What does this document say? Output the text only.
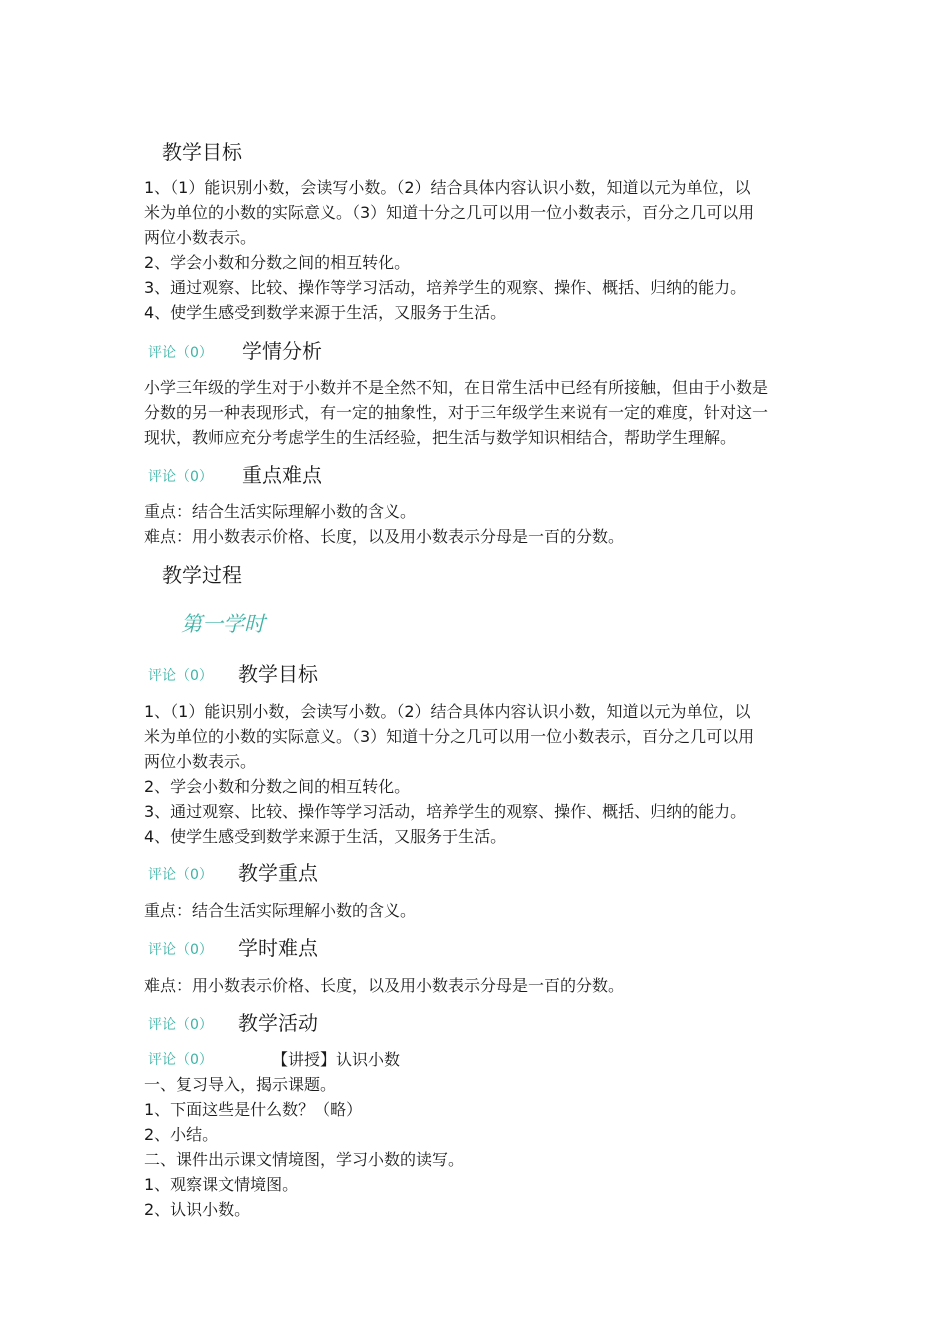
教学目标
1、（1）能识别小数，会读写小数。（2）结合具体内容认识小数，知道以元为单位，以
米为单位的小数的实际意义。（3）知道十分之几可以用一位小数表示，百分之几可以用
两位小数表示。
2、学会小数和分数之间的相互转化。
3、通过观察、比较、操作等学习活动，培养学生的观察、操作、概括、归纳的能力。
4、使学生感受到数学来源于生活，又服务于生活。
评论（0） 学情分析
小学三年级的学生对于小数并不是全然不知，在日常生活中已经有所接触，但由于小数是
分数的另一种表现形式，有一定的抽象性，对于三年级学生来说有一定的难度，针对这一
现状，教师应充分考虑学生的生活经验，把生活与数学知识相结合，帮助学生理解。
评论（0） 重点难点
重点：结合生活实际理解小数的含义。
难点：用小数表示价格、长度，以及用小数表示分母是一百的分数。
教学过程
第一学时
评论（0） 教学目标
1、（1）能识别小数，会读写小数。（2）结合具体内容认识小数，知道以元为单位，以
米为单位的小数的实际意义。（3）知道十分之几可以用一位小数表示，百分之几可以用
两位小数表示。
2、学会小数和分数之间的相互转化。
3、通过观察、比较、操作等学习活动，培养学生的观察、操作、概括、归纳的能力。
4、使学生感受到数学来源于生活，又服务于生活。
评论（0） 教学重点
重点：结合生活实际理解小数的含义。
评论（0） 学时难点
难点：用小数表示价格、长度，以及用小数表示分母是一百的分数。
评论（0） 教学活动
评论（0）	【讲授】认识小数
一、复习导入，揭示课题。
1、下面这些是什么数？（略）
2、小结。
二、课件出示课文情境图，学习小数的读写。
1、观察课文情境图。
2、认识小数。
